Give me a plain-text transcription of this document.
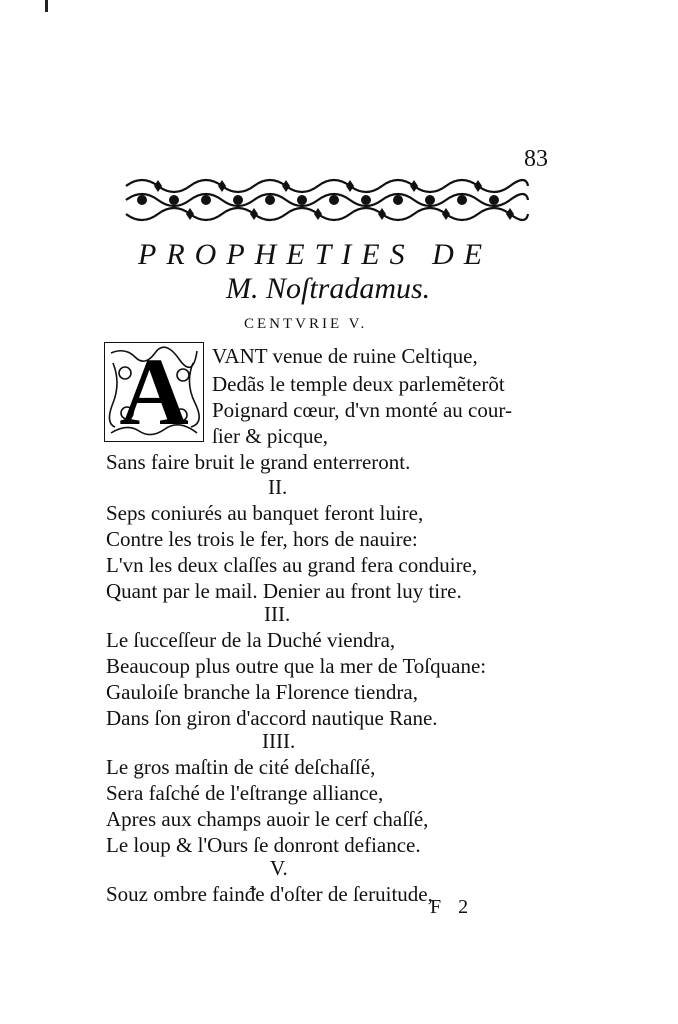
83
PROPHETIES DE
M. Noſtradamus.
CENTVRIE V.
A VANT venue de ruine Celtique,
Dedãs le temple deux parlemẽterõt
Poignard cœur, d'vn monté au cour-
ſier & picque,
Sans faire bruit le grand enterreront.
II.
Seps coniurés au banquet feront luire,
Contre les trois le fer, hors de nauire:
L'vn les deux claſſes au grand fera conduire,
Quant par le mail. Denier au front luy tire.
III.
Le ſucceſſeur de la Duché viendra,
Beaucoup plus outre que la mer de Toſquane:
Gauloiſe branche la Florence tiendra,
Dans ſon giron d'accord nautique Rane.
IIII.
Le gros maſtin de cité deſchaſſé,
Sera faſché de l'eſtrange alliance,
Apres aux champs auoir le cerf chaſſé,
Le loup & l'Ours ſe donront defiance.
V.
Souz ombre fainᵭe d'oſter de ſeruitude,
F 2
